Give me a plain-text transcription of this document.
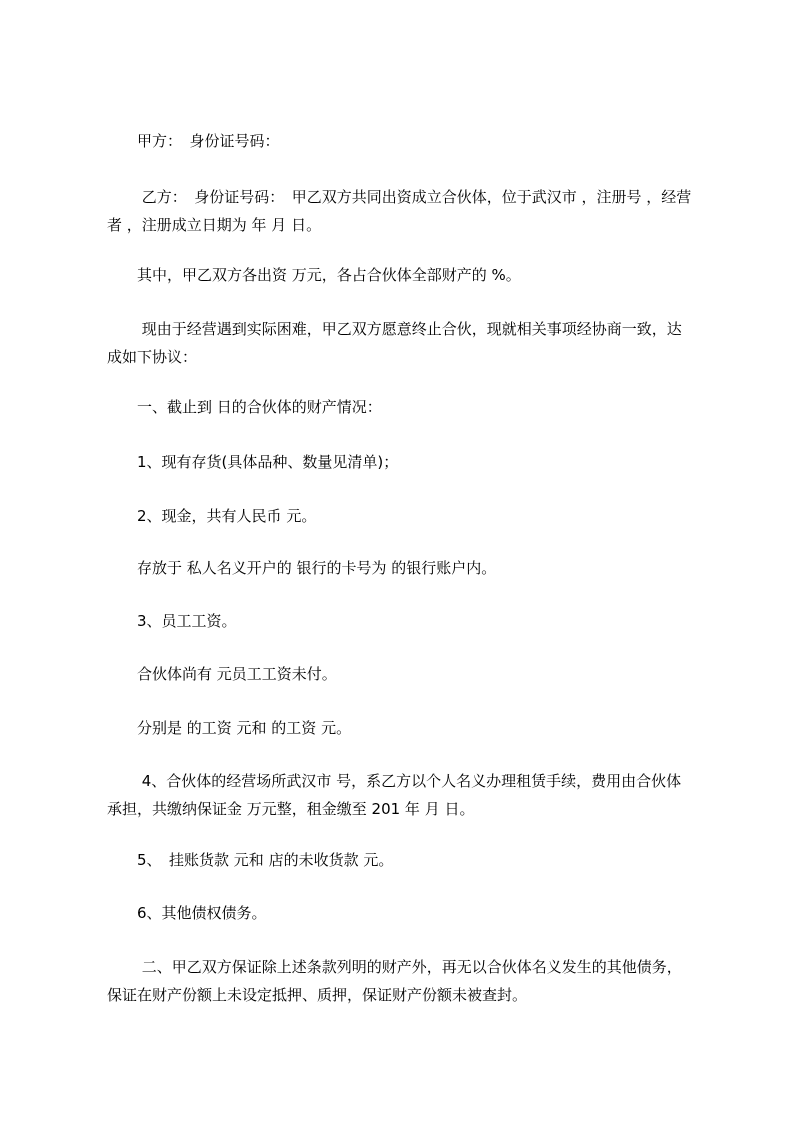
　　甲方：　身份证号码：

　　 乙方：　身份证号码：　甲乙双方共同出资成立合伙体，位于武汉市 ，注册号 ，经营者 ，注册成立日期为 年 月 日。

　　其中，甲乙双方各出资 万元，各占合伙体全部财产的 %。

　　 现由于经营遇到实际困难，甲乙双方愿意终止合伙，现就相关事项经协商一致，达成如下协议：

　　一、截止到 日的合伙体的财产情况：

　　1、现有存货(具体品种、数量见清单)；

　　2、现金，共有人民币 元。

　　存放于 私人名义开户的 银行的卡号为 的银行账户内。

　　3、员工工资。

　　合伙体尚有 元员工工资未付。

　　分别是 的工资 元和 的工资 元。

　　 4、合伙体的经营场所武汉市 号，系乙方以个人名义办理租赁手续，费用由合伙体承担，共缴纳保证金 万元整，租金缴至 201 年 月 日。

　　5、　挂账货款 元和 店的未收货款 元。

　　6、其他债权债务。

　　 二、甲乙双方保证除上述条款列明的财产外，再无以合伙体名义发生的其他债务，保证在财产份额上未设定抵押、质押，保证财产份额未被查封。
